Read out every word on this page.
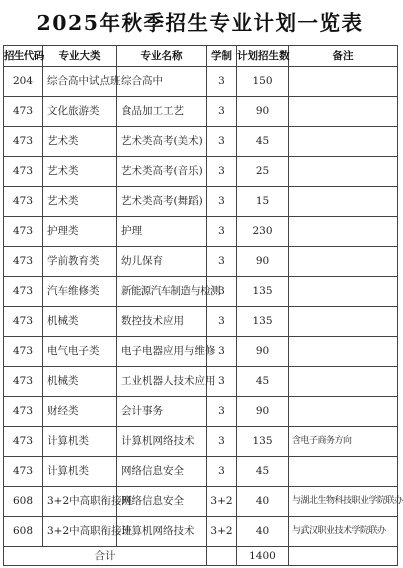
2025年秋季招生专业计划一览表
招生代码	专业大类	专业名称	学制	计划招生数	备注
204	综合高中试点班	综合高中	3	150	
473	文化旅游类	食品加工工艺	3	90	
473	艺术类	艺术类高考(美术)	3	45	
473	艺术类	艺术类高考(音乐)	3	25	
473	艺术类	艺术类高考(舞蹈)	3	15	
473	护理类	护理	3	230	
473	学前教育类	幼儿保育	3	90	
473	汽车维修类	新能源汽车制造与检测	3	135	
473	机械类	数控技术应用	3	135	
473	电气电子类	电子电器应用与维修	3	90	
473	机械类	工业机器人技术应用	3	45	
473	财经类	会计事务	3	90	
473	计算机类	计算机网络技术	3	135	含电子商务方向
473	计算机类	网络信息安全	3	45	
608	3+2中高职衔接班	网络信息安全	3+2	40	与湖北生物科技职业学院联办
608	3+2中高职衔接班	计算机网络技术	3+2	40	与武汉职业技术学院联办
合计				1400	
